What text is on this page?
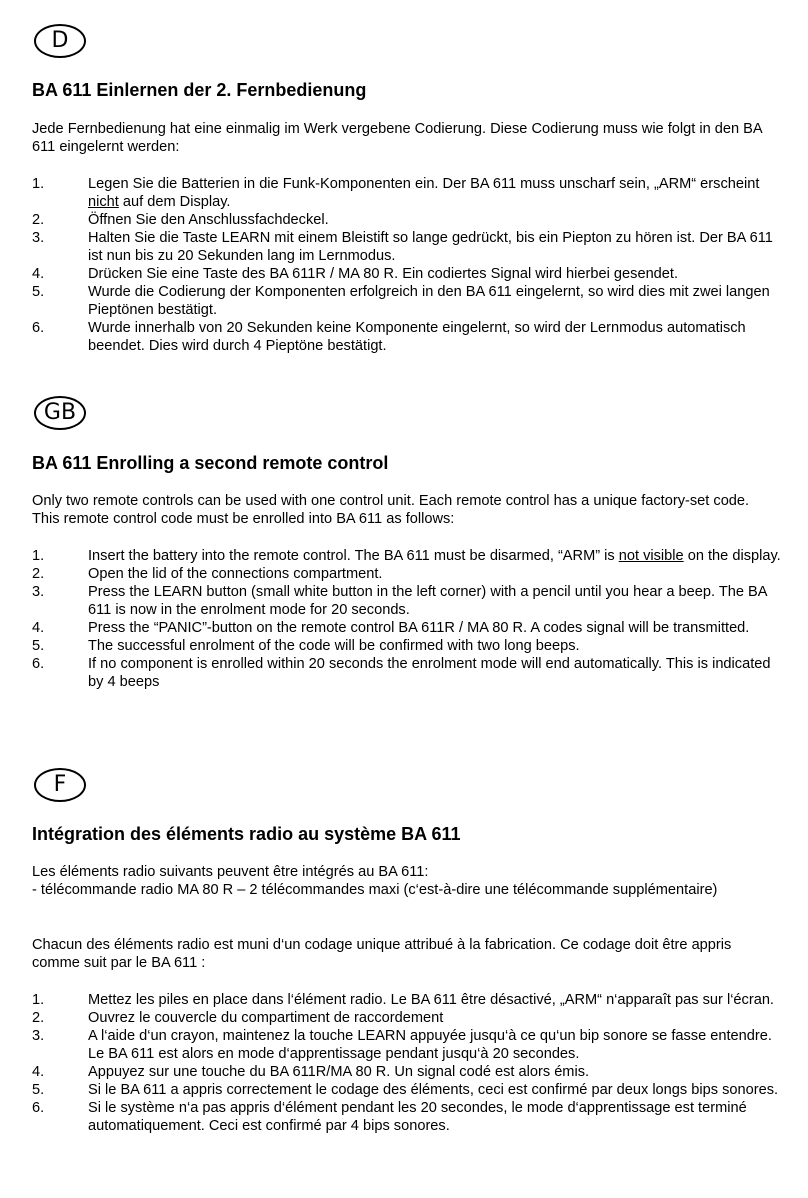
D
BA 611 Einlernen der 2. Fernbedienung

Jede Fernbedienung hat eine einmalig im Werk vergebene Codierung. Diese Codierung muss wie folgt in den BA 611 eingelernt werden:

1.	Legen Sie die Batterien in die Funk-Komponenten ein. Der BA 611 muss unscharf sein, „ARM“ erscheint nicht auf dem Display.
2.	Öffnen Sie den Anschlussfachdeckel.
3.	Halten Sie die Taste LEARN mit einem Bleistift so lange gedrückt, bis ein Piepton zu hören ist. Der BA 611 ist nun bis zu 20 Sekunden lang im Lernmodus.
4.	Drücken Sie eine Taste des BA 611R / MA 80 R. Ein codiertes Signal wird hierbei gesendet.
5.	Wurde die Codierung der Komponenten erfolgreich in den BA 611 eingelernt, so wird dies mit zwei langen Pieptönen bestätigt.
6.	Wurde innerhalb von 20 Sekunden keine Komponente eingelernt, so wird der Lernmodus automatisch beendet. Dies wird durch 4 Pieptöne bestätigt.
GB
BA 611 Enrolling a second remote control

Only two remote controls can be used with one control unit. Each remote control has a unique factory-set code. This remote control code must be enrolled into BA 611 as follows:

1.	Insert the battery into the remote control. The BA 611 must be disarmed, “ARM” is not visible on the display.
2.	Open the lid of the connections compartment.
3.	Press the LEARN button (small white button in the left corner) with a pencil until you hear a beep. The BA 611 is now in the enrolment mode for 20 seconds.
4.	Press the “PANIC”-button on the remote control BA 611R / MA 80 R. A codes signal will be transmitted.
5.	The successful enrolment of the code will be confirmed with two long beeps.
6.	If no component is enrolled within 20 seconds the enrolment mode will end automatically. This is indicated by 4 beeps
F
Intégration des éléments radio au système BA 611

Les éléments radio suivants peuvent être intégrés au BA 611:

- télécommande radio MA 80 R – 2 télécommandes maxi (c‘est-à-dire une télécommande supplémentaire)

Chacun des éléments radio est muni d‘un codage unique attribué à la fabrication. Ce codage doit être appris comme suit par le BA 611 :

1.	Mettez les piles en place dans l‘élément radio. Le BA 611 être désactivé, „ARM“ n‘apparaît pas sur l‘écran.
2.	Ouvrez le couvercle du compartiment de raccordement
3.	A l‘aide d‘un crayon, maintenez la touche LEARN appuyée jusqu‘à ce qu‘un bip sonore se fasse entendre. Le BA 611 est alors en mode d‘apprentissage pendant jusqu‘à 20 secondes.
4.	Appuyez sur une touche du BA 611R/MA 80 R. Un signal codé est alors émis.
5.	Si le BA 611 a appris correctement le codage des éléments, ceci est confirmé par deux longs bips sonores.
6.	Si le système n‘a pas appris d‘élément pendant les 20 secondes, le mode d‘apprentissage est terminé automatiquement. Ceci est confirmé par 4 bips sonores.
